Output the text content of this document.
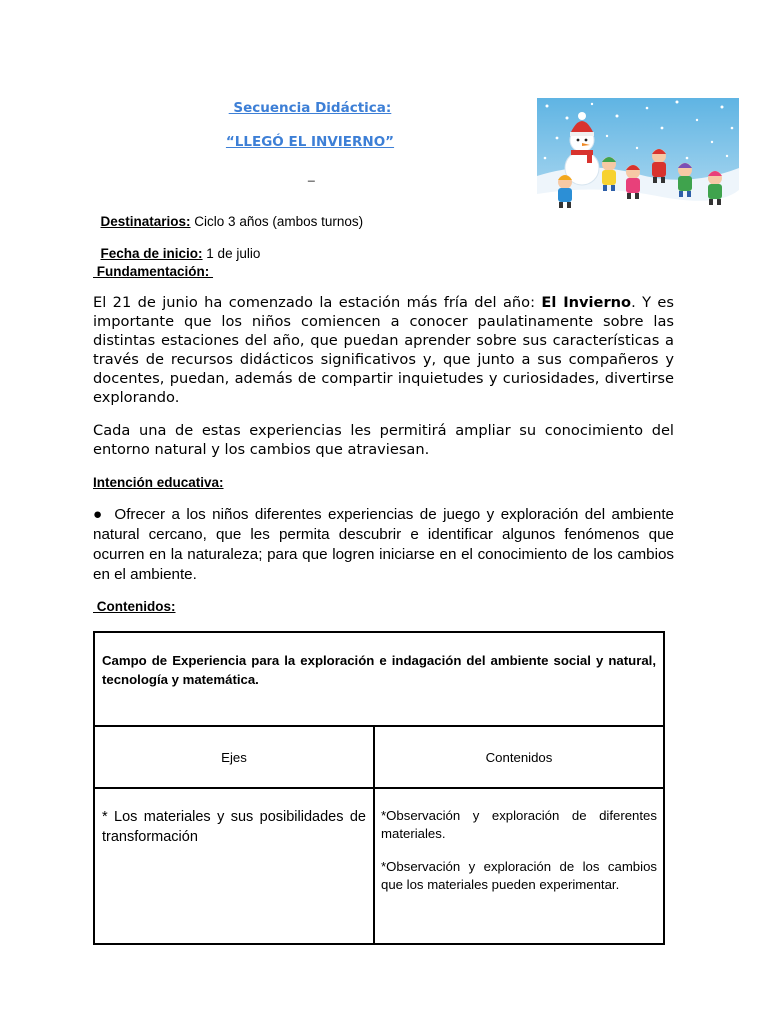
Secuencia Didáctica:
“LLEGÓ EL INVIERNO”
_

Destinatarios: Ciclo 3 años (ambos turnos)

Fecha de inicio: 1 de julio

Fundamentación:
El 21 de junio ha comenzado la estación más fría del año: El Invierno. Y es importante que los niños comiencen a conocer paulatinamente sobre las distintas estaciones del año, que puedan aprender sobre sus características a través de recursos didácticos significativos y, que junto a sus compañeros y docentes, puedan, además de compartir inquietudes y curiosidades, divertirse explorando.
Cada una de estas experiencias les permitirá ampliar su conocimiento del entorno natural y los cambios que atraviesan.
Intención educativa:
● Ofrecer a los niños diferentes experiencias de juego y exploración del ambiente natural cercano, que les permita descubrir e identificar algunos fenómenos que ocurren en la naturaleza; para que logren iniciarse en el conocimiento de los cambios en el ambiente.
Contenidos:
Campo de Experiencia para la exploración e indagación del ambiente social y natural, tecnología y matemática.	
Ejes	Contenidos
* Los materiales y sus posibilidades de transformación	*Observación y exploración de diferentes materiales.

*Observación y exploración de los cambios que los materiales pueden experimentar.
